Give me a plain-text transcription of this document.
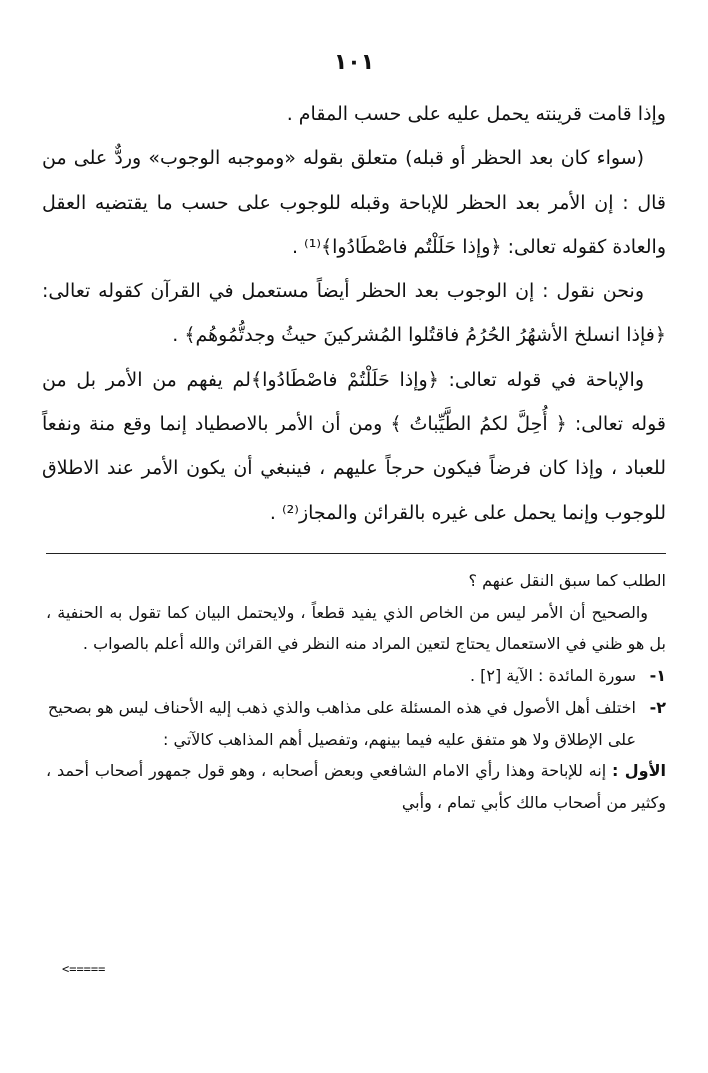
١٠١

وإذا قامت قرينته يحمل عليه على حسب المقام .

(سواء كان بعد الحظر أو قبله) متعلق بقوله «وموجبه الوجوب» وردٌّ على من قال : إن الأمر بعد الحظر للإباحة وقبله للوجوب على حسب ما يقتضيه العقل والعادة كقوله تعالى: ﴿وإذا حَلَلْتُم فاصْطَادُوا﴾⁽¹⁾ .

ونحن نقول : إن الوجوب بعد الحظر أيضاً مستعمل في القرآن كقوله تعالى: ﴿فإذا انسلخ الأشهُرُ الحُرُمُ فاقتُلوا المُشركينَ حيثُ وجدتُّمُوهُم﴾ .

والإباحة في قوله تعالى: ﴿وإذا حَلَلْتُمْ فاصْطَادُوا﴾لم يفهم من الأمر بل من قوله تعالى: ﴿ أُحِلَّ لكمُ الطَّيِّباتُ ﴾ ومن أن الأمر بالاصطياد إنما وقع منة ونفعاً للعباد ، وإذا كان فرضاً فيكون حرجاً عليهم ، فينبغي أن يكون الأمر عند الاطلاق للوجوب وإنما يحمل على غيره بالقرائن والمجاز⁽²⁾ .

الطلب كما سبق النقل عنهم ؟

والصحيح أن الأمر ليس من الخاص الذي يفيد قطعاً ، ولايحتمل البيان كما تقول به الحنفية ، بل هو ظني في الاستعمال يحتاج لتعين المراد منه النظر في القرائن والله أعلم بالصواب .

١-
سورة المائدة : الآية [٢] .
٢-
اختلف أهل الأصول في هذه المسئلة على مذاهب والذي ذهب إليه الأحناف ليس هو بصحيح على الإطلاق ولا هو متفق عليه فيما بينهم، وتفصيل أهم المذاهب كالآتي :

الأول : إنه للإباحة وهذا رأي الامام الشافعي وبعض أصحابه ، وهو قول جمهور أصحاب أحمد ، وكثير من أصحاب مالك كأبي تمام ، وأبي

<=====
